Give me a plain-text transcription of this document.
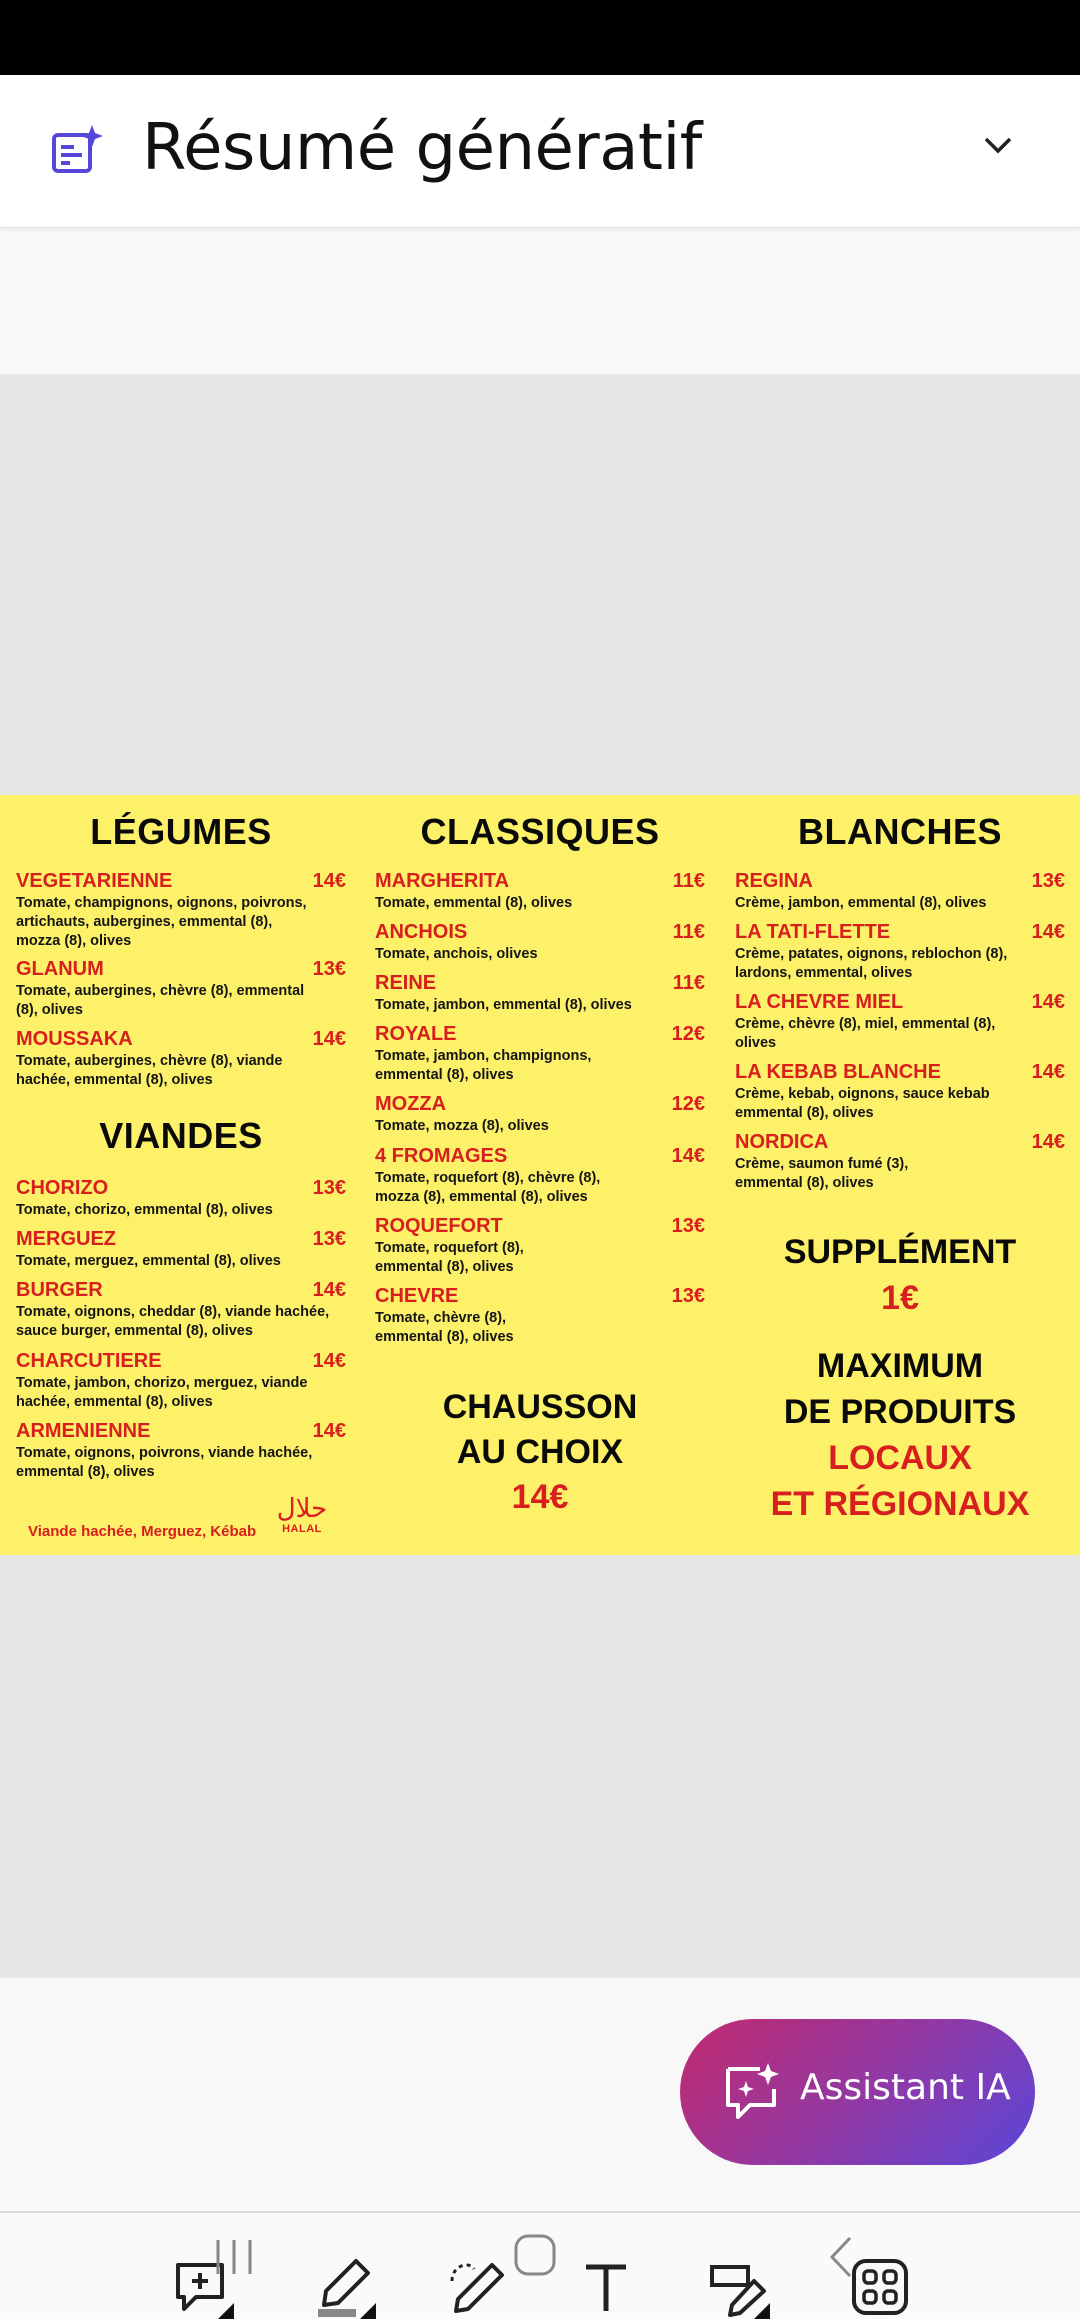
Résumé génératif
LÉGUMES
VEGETARIENNE	14€
Tomate, champignons, oignons, poivrons, artichauts, aubergines, emmental (8), mozza (8), olives
GLANUM	13€
Tomate, aubergines, chèvre (8), emmental (8), olives
MOUSSAKA	14€
Tomate, aubergines, chèvre (8), viande hachée, emmental (8), olives
VIANDES
CHORIZO	13€
Tomate, chorizo, emmental (8), olives
MERGUEZ	13€
Tomate, merguez, emmental (8), olives
BURGER	14€
Tomate, oignons, cheddar (8), viande hachée, sauce burger, emmental (8), olives
CHARCUTIERE	14€
Tomate, jambon, chorizo, merguez, viande hachée, emmental (8), olives
ARMENIENNE	14€
Tomate, oignons, poivrons, viande hachée, emmental (8), olives
Viande hachée, Merguez, Kébab
حلال
HALAL
CLASSIQUES
MARGHERITA	11€
Tomate, emmental (8), olives
ANCHOIS	11€
Tomate, anchois, olives
REINE	11€
Tomate, jambon, emmental (8), olives
ROYALE	12€
Tomate, jambon, champignons, emmental (8), olives
MOZZA	12€
Tomate, mozza (8), olives
4 FROMAGES	14€
Tomate, roquefort (8), chèvre (8), mozza (8), emmental (8), olives
ROQUEFORT	13€
Tomate, roquefort (8), emmental (8), olives
CHEVRE	13€
Tomate, chèvre (8), emmental (8), olives
CHAUSSON
AU CHOIX
14€
BLANCHES
REGINA	13€
Crème, jambon, emmental (8), olives
LA TATI-FLETTE	14€
Crème, patates, oignons, reblochon (8), lardons, emmental, olives
LA CHEVRE MIEL	14€
Crème, chèvre (8), miel, emmental (8), olives
LA KEBAB BLANCHE	14€
Crème, kebab, oignons, sauce kebab emmental (8), olives
NORDICA	14€
Crème, saumon fumé (3), emmental (8), olives
SUPPLÉMENT
1€
MAXIMUM
DE PRODUITS
LOCAUX
ET RÉGIONAUX
Assistant IA
